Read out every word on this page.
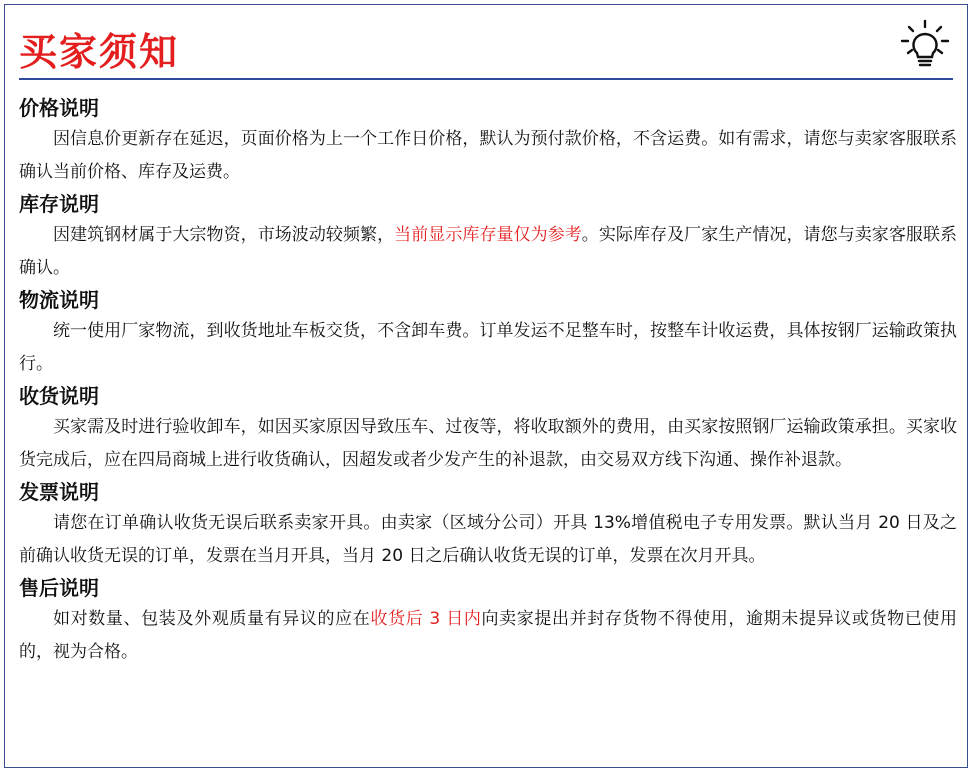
买家须知

价格说明

因信息价更新存在延迟，页面价格为上一个工作日价格，默认为预付款价格，不含运费。如有需求，请您与卖家客服联系确认当前价格、库存及运费。

库存说明

因建筑钢材属于大宗物资，市场波动较频繁，当前显示库存量仅为参考。实际库存及厂家生产情况，请您与卖家客服联系确认。

物流说明

统一使用厂家物流，到收货地址车板交货，不含卸车费。订单发运不足整车时，按整车计收运费，具体按钢厂运输政策执行。

收货说明

买家需及时进行验收卸车，如因买家原因导致压车、过夜等，将收取额外的费用，由买家按照钢厂运输政策承担。买家收货完成后，应在四局商城上进行收货确认，因超发或者少发产生的补退款，由交易双方线下沟通、操作补退款。

发票说明

请您在订单确认收货无误后联系卖家开具。由卖家（区域分公司）开具 13%增值税电子专用发票。默认当月 20 日及之前确认收货无误的订单，发票在当月开具，当月 20 日之后确认收货无误的订单，发票在次月开具。

售后说明

如对数量、包装及外观质量有异议的应在收货后 3 日内向卖家提出并封存货物不得使用，逾期未提异议或货物已使用的，视为合格。
